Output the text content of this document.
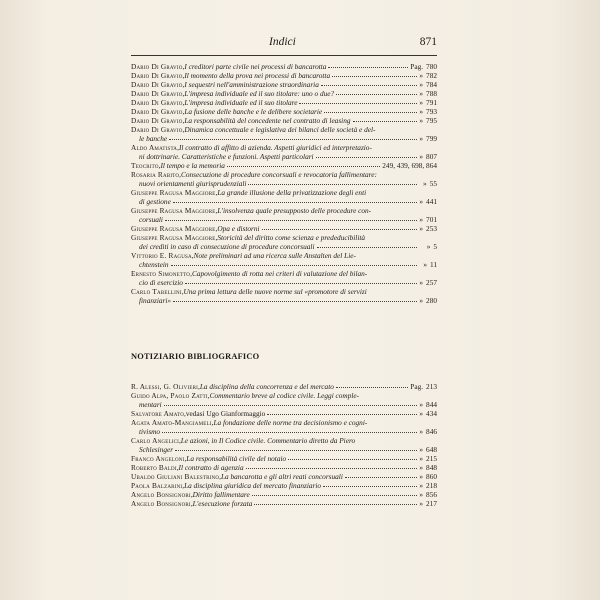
Indici	871
Dario Di Gravio , I creditori parte civile nei processi di bancarotta	Pag. 780
Dario Di Gravio , Il momento della prova nei processi di bancarotta	» 782
Dario Di Gravio , I sequestri nell'amministrazione straordinaria	» 784
Dario Di Gravio , L'impresa individuale ed il suo titolare: uno o due?	» 788
Dario Di Gravio , L'impresa individuale ed il suo titolare	» 791
Dario Di Gravio , La fusione delle banche e le delibere societarie	» 793
Dario Di Gravio , La responsabilità del concedente nel contratto di leasing	» 795
Dario Di Gravio , Dinamica concettuale e legislativa dei bilanci delle società e del-
le banche	» 799
Aldo Amatista , Il contratto di affitto di azienda. Aspetti giuridici ed interpretazio-
ni dottrinarie. Caratteristiche e funzioni. Aspetti particolari	» 807
Teocrito , Il tempo e la memoria	249, 439, 698, 864
Rosaria Rabito , Consecuzione di procedure concorsuali e revocatoria fallimentare:
nuovi orientamenti giurisprudenziali	» 55
Giuseppe Ragusa Maggiore , La grande illusione della privatizzazione degli enti
di gestione	» 441
Giuseppe Ragusa Maggiore , L'insolvenza quale presupposto delle procedure con-
corsuali	» 701
Giuseppe Ragusa Maggiore , Opa e distorni	» 253
Giuseppe Ragusa Maggiore , Storicità del diritto come scienza e prededucibilità
dei crediti in caso di consecuzione di procedure concorsuali	» 5
Vittorio E. Ragusa , Note preliminari ad una ricerca sulle Anstalten del Lie-
chtenstein	» 11
Ernesto Simonetto , Capovolgimento di rotta nei criteri di valutazione del bilan-
cio di esercizio	» 257
Carlo Tabellini , Una prima lettura delle nuove norme sul «promotore di servizi
finanziari»	» 280
NOTIZIARIO BIBLIOGRAFICO
R. Alessi, G. Olivieri , La disciplina della concorrenza e del mercato	Pag. 213
Guido Alpa, Paolo Zatti , Commentario breve al codice civile. Leggi comple-
mentari	» 844
Salvatore Amato , vedasi Ugo Gianformaggio	» 434
Agata Amato-Mangiameli , La fondazione delle norme tra decisionismo e cogni-
tivismo	» 846
Carlo Angelici , Le azioni, in Il Codice civile. Commentario diretto da Piero
Schlesinger	» 648
Franco Angeloni , La responsabilità civile del notaio	» 215
Roberto Baldi , Il contratto di agenzia	» 848
Ubaldo Giuliani Balestrino , La bancarotta e gli altri reati concorsuali	» 860
Paola Balzarini , La disciplina giuridica del mercato finanziario	» 218
Angelo Bonsignori , Diritto fallimentare	» 856
Angelo Bonsignori , L'esecuzione forzata	» 217
